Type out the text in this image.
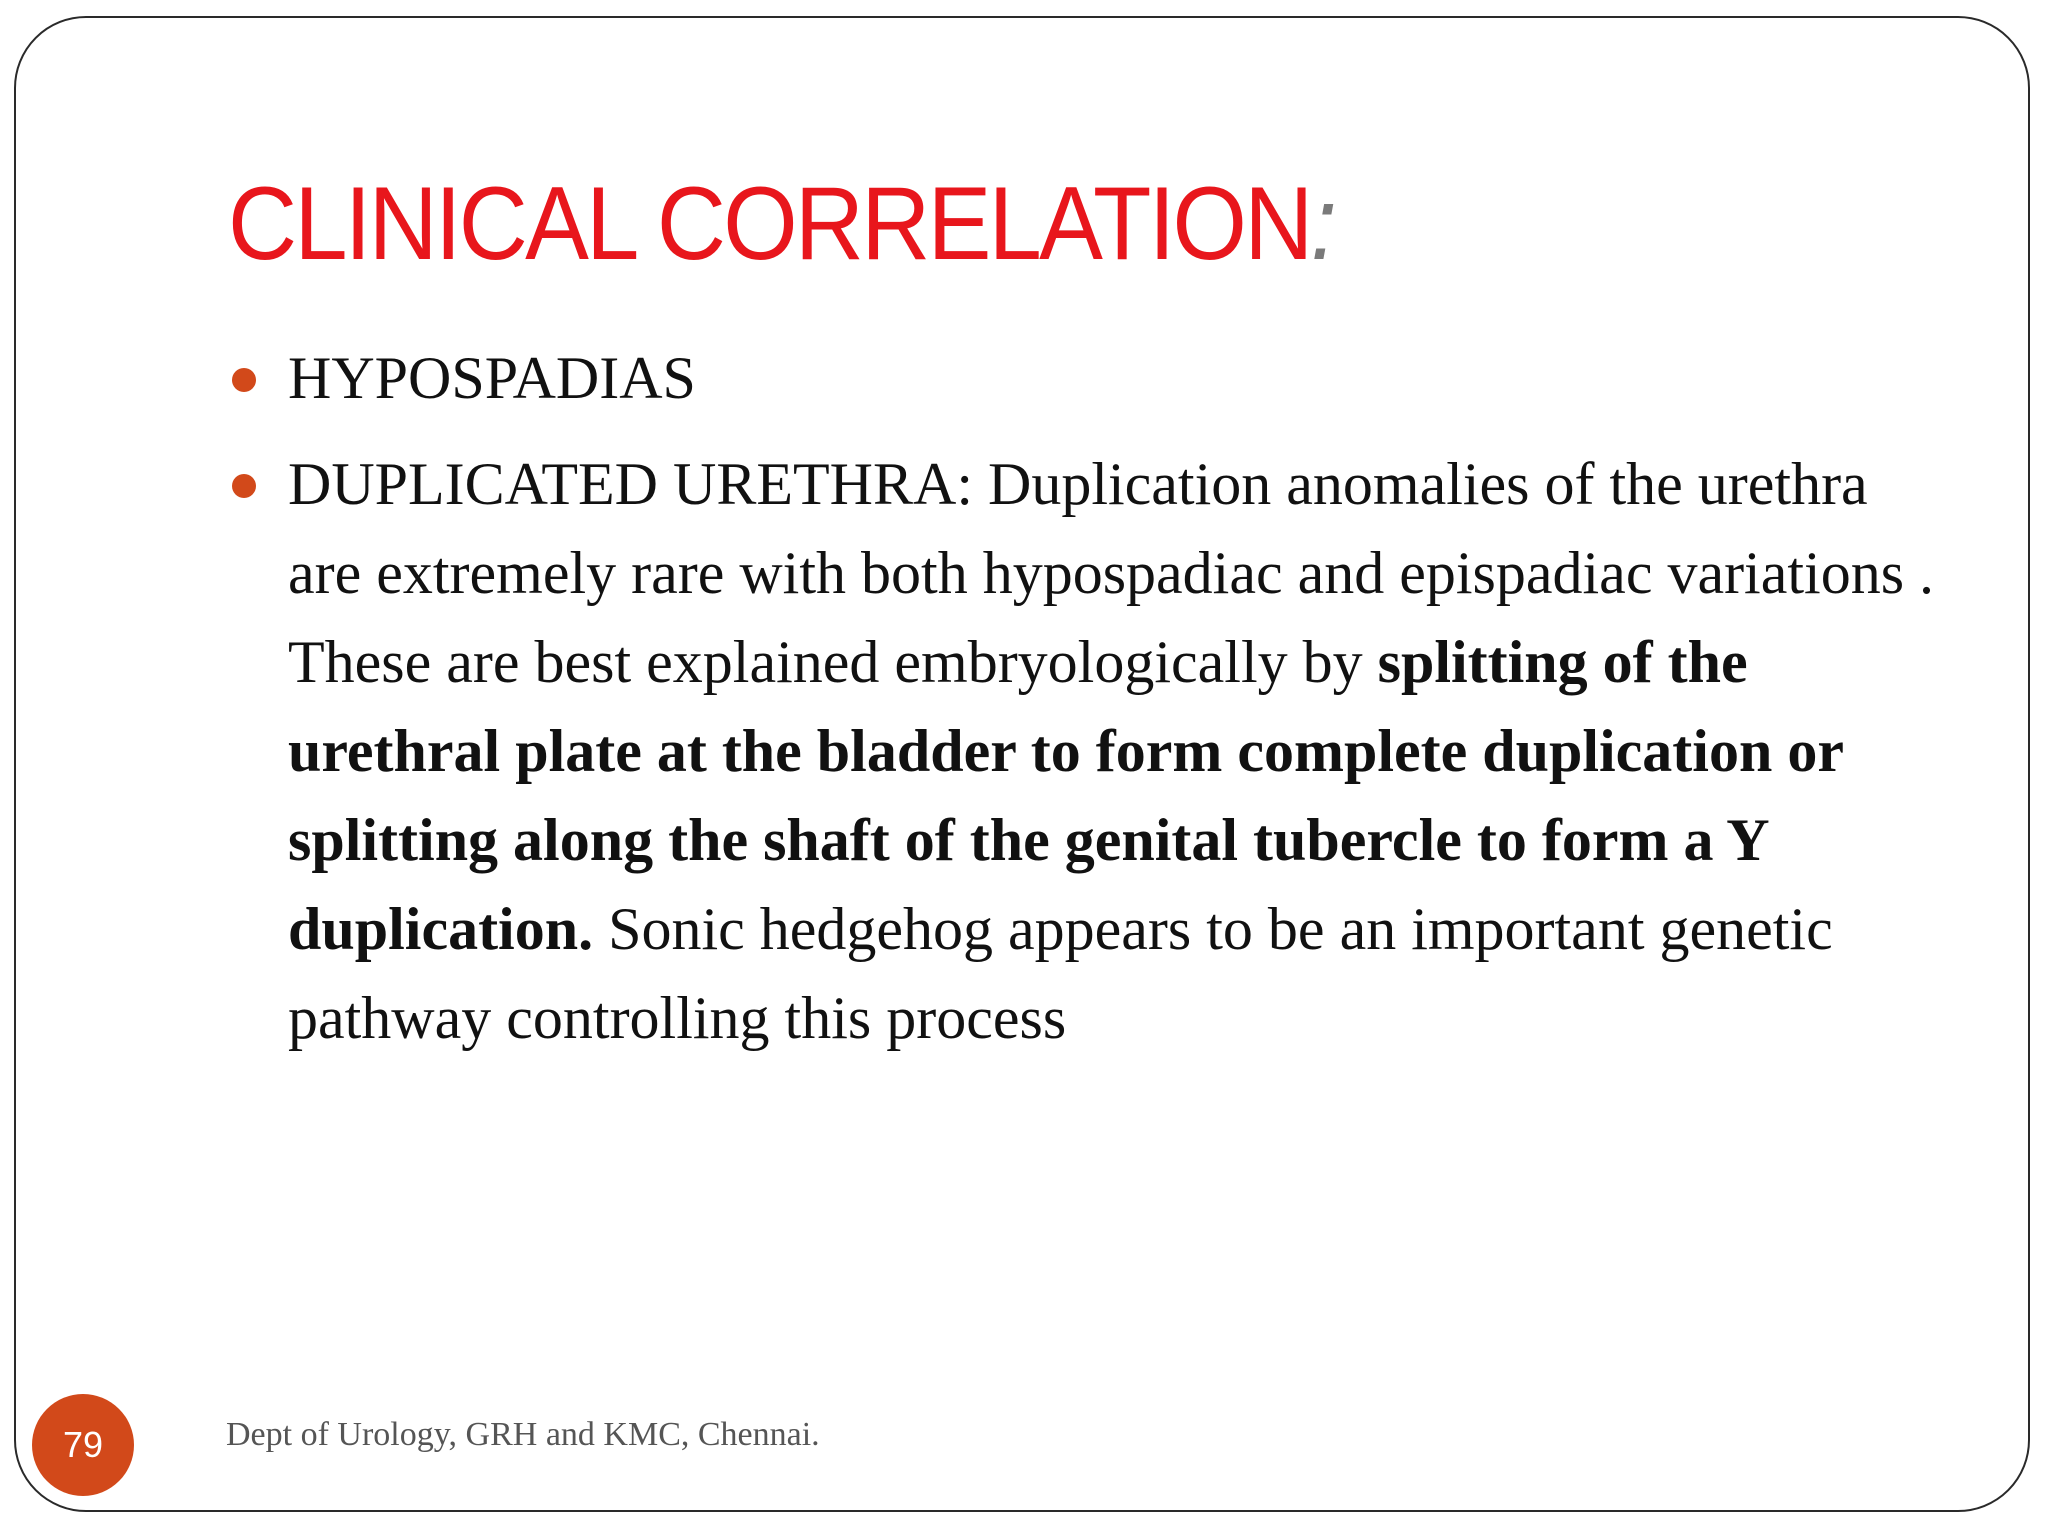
CLINICAL CORRELATION:
HYPOSPADIAS
DUPLICATED URETHRA: Duplication anomalies of the urethra are extremely rare with both hypospadiac and epispadiac variations . These are best explained embryologically by splitting of the urethral plate at the bladder to form complete duplication or splitting along the shaft of the genital tubercle to form a Y duplication. Sonic hedgehog appears to be an important genetic pathway controlling this process
79	Dept of Urology, GRH and KMC, Chennai.
